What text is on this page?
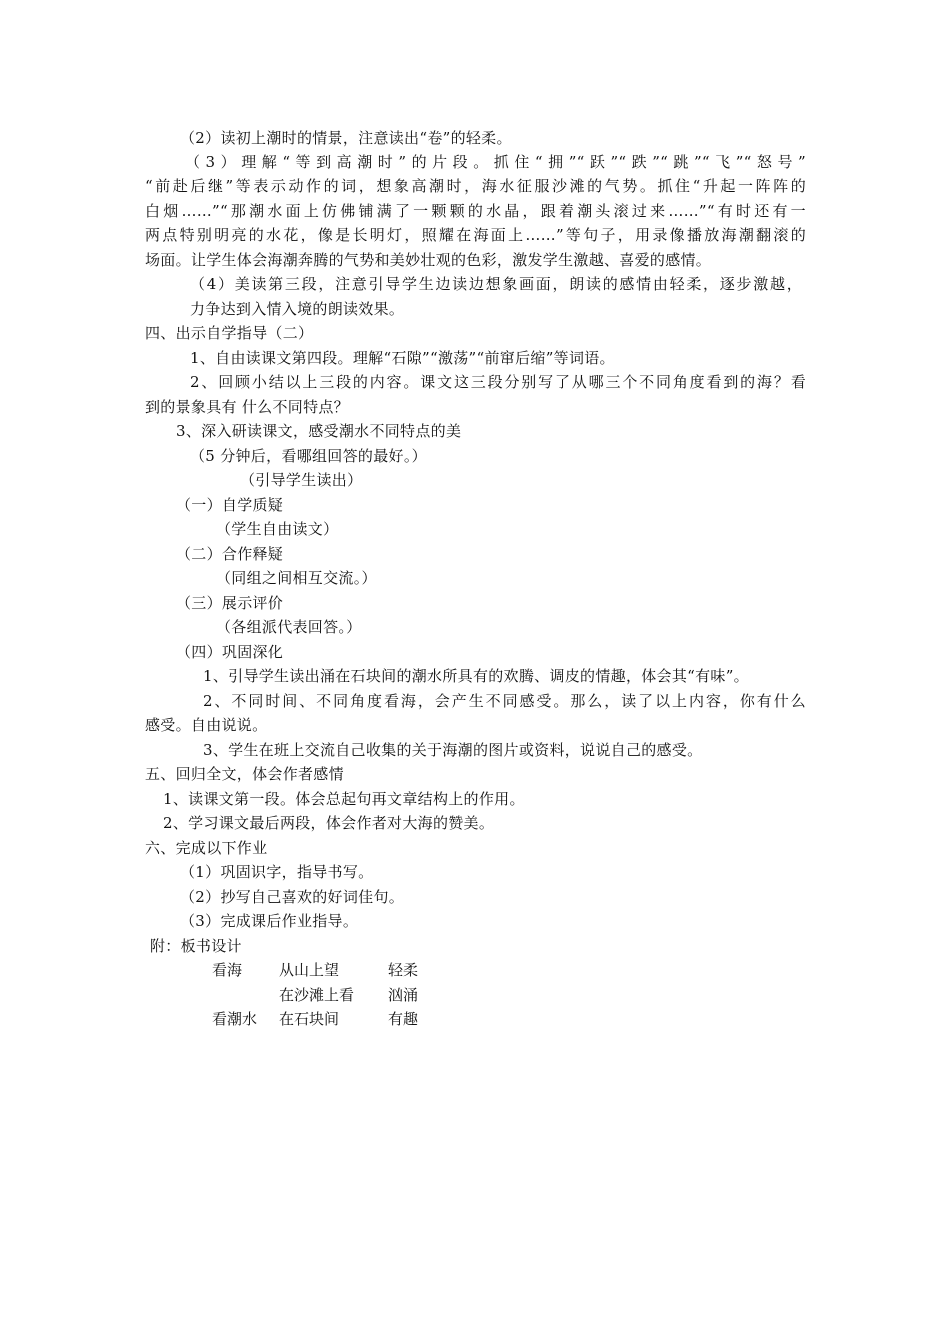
（2）读初上潮时的情景，注意读出“卷”的轻柔。
（3）理解“等到高潮时”的片段。抓住“拥”“跃”“跌”“跳”“飞”“怒号”
“前赴后继”等表示动作的词，想象高潮时，海水征服沙滩的气势。抓住“升起一阵阵的
白烟……”“那潮水面上仿佛铺满了一颗颗的水晶，跟着潮头滚过来……”“有时还有一
两点特别明亮的水花，像是长明灯，照耀在海面上……”等句子，用录像播放海潮翻滚的
场面。让学生体会海潮奔腾的气势和美妙壮观的色彩，激发学生激越、喜爱的感情。
（4）美读第三段，注意引导学生边读边想象画面，朗读的感情由轻柔，逐步激越，
力争达到入情入境的朗读效果。
四、出示自学指导（二）
1、自由读课文第四段。理解“石隙”“激荡”“前窜后缩”等词语。
2、回顾小结以上三段的内容。课文这三段分别写了从哪三个不同角度看到的海？看
到的景象具有 什么不同特点？
3、深入研读课文，感受潮水不同特点的美
（5 分钟后，看哪组回答的最好。）
（引导学生读出）
（一）自学质疑
（学生自由读文）
（二）合作释疑
（同组之间相互交流。）
（三）展示评价
（各组派代表回答。）
（四）巩固深化
1、引导学生读出涌在石块间的潮水所具有的欢腾、调皮的情趣，体会其“有味”。
2、不同时间、不同角度看海，会产生不同感受。那么，读了以上内容，你有什么
感受。自由说说。
3、学生在班上交流自己收集的关于海潮的图片或资料，说说自己的感受。
五、回归全文，体会作者感情
1、读课文第一段。体会总起句再文章结构上的作用。
2、学习课文最后两段，体会作者对大海的赞美。
六、完成以下作业
（1）巩固识字，指导书写。
（2）抄写自己喜欢的好词佳句。
（3）完成课后作业指导。
附：板书设计
看海 从山上望	轻柔
在沙滩上看 汹涌
看潮水 在石块间	有趣
